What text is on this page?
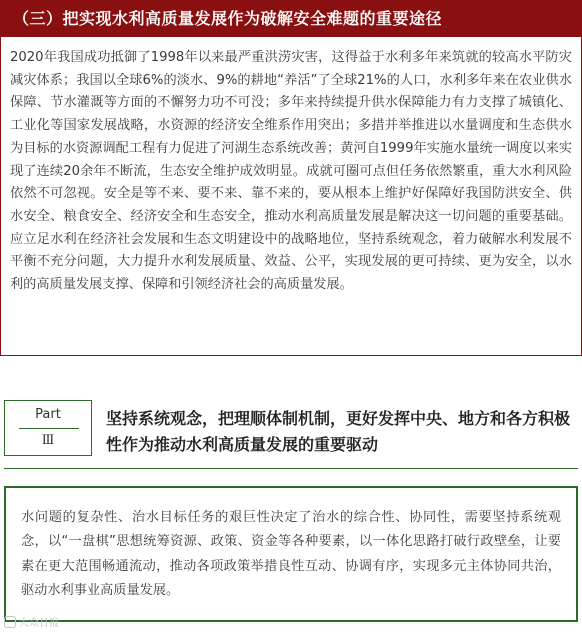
（三）把实现水利高质量发展作为破解安全难题的重要途径
2020年我国成功抵御了1998年以来最严重洪涝灾害，这得益于水利多年来筑就的较高水平防灾减灾体系；我国以全球6%的淡水、9%的耕地“养活”了全球21%的人口，水利多年来在农业供水保障、节水灌溉等方面的不懈努力功不可没；多年来持续提升供水保障能力有力支撑了城镇化、工业化等国家发展战略，水资源的经济安全维系作用突出；多措并举推进以水量调度和生态供水为目标的水资源调配工程有力促进了河湖生态系统改善；黄河自1999年实施水量统一调度以来实现了连续20余年不断流，生态安全维护成效明显。成就可圈可点但任务依然繁重，重大水利风险依然不可忽视。安全是等不来、要不来、靠不来的，要从根本上维护好保障好我国防洪安全、供水安全、粮食安全、经济安全和生态安全，推动水利高质量发展是解决这一切问题的重要基础。应立足水利在经济社会发展和生态文明建设中的战略地位，坚持系统观念，着力破解水利发展不平衡不充分问题，大力提升水利发展质量、效益、公平，实现发展的更可持续、更为安全，以水利的高质量发展支撑、保障和引领经济社会的高质量发展。
Part
Ⅲ
坚持系统观念，把理顺体制机制，更好发挥中央、地方和各方积极性作为推动水利高质量发展的重要驱动
水问题的复杂性、治水目标任务的艰巨性决定了治水的综合性、协同性，需要坚持系统观念，以“一盘棋”思想统筹资源、政策、资金等各种要素，以一体化思路打破行政壁垒，让要素在更大范围畅通流动，推动各项政策举措良性互动、协调有序，实现多元主体协同共治，驱动水利事业高质量发展。
大众日报
